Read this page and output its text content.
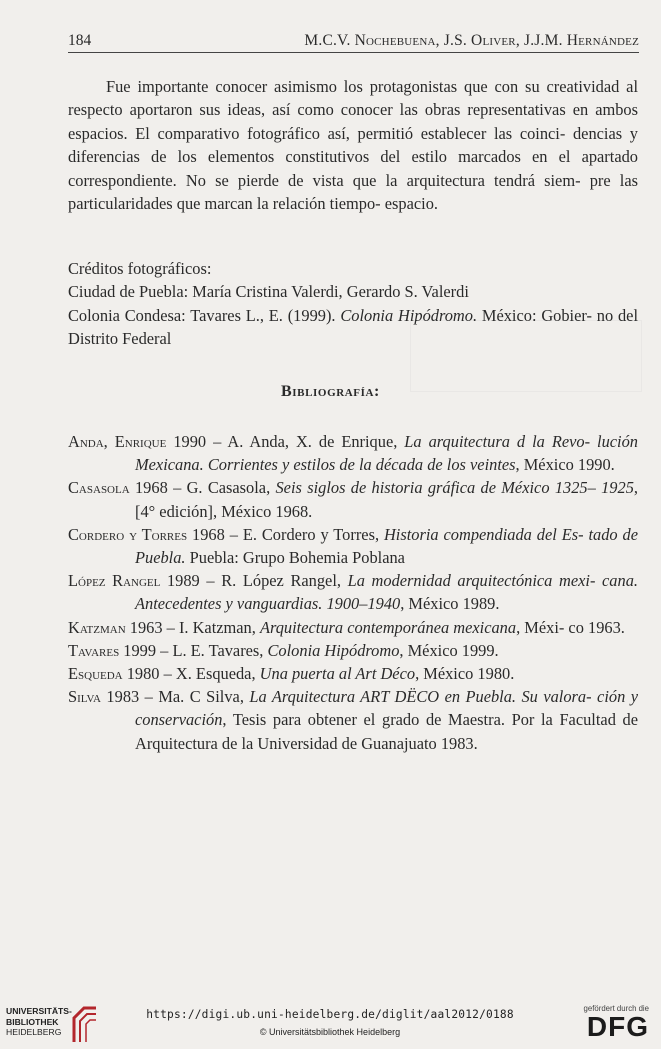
184	M.C.V. Nochebuena, J.S. Oliver, J.J.M. Hernández

Fue importante conocer asimismo los protagonistas que con su creatividad al respecto aportaron sus ideas, así como conocer las obras representativas en ambos espacios. El comparativo fotográfico así, permitió establecer las coinci- dencias y diferencias de los elementos constitutivos del estilo marcados en el apartado correspondiente. No se pierde de vista que la arquitectura tendrá siem- pre las particularidades que marcan la relación tiempo- espacio.

Créditos fotográficos:
Ciudad de Puebla: María Cristina Valerdi, Gerardo S. Valerdi
Colonia Condesa: Tavares L., E. (1999). Colonia Hipódromo. México: Gobier- no del Distrito Federal
Bibliografía:
Anda, Enrique 1990 – A. Anda, X. de Enrique, La arquitectura d la Revo- lución Mexicana. Corrientes y estilos de la década de los veintes, México 1990.
Casasola 1968 – G. Casasola, Seis siglos de historia gráfica de México 1325– 1925, [4° edición], México 1968.
Cordero y Torres 1968 – E. Cordero y Torres, Historia compendiada del Es- tado de Puebla. Puebla: Grupo Bohemia Poblana
López Rangel 1989 – R. López Rangel, La modernidad arquitectónica mexi- cana. Antecedentes y vanguardias. 1900–1940, México 1989.
Katzman 1963 – I. Katzman, Arquitectura contemporánea mexicana, Méxi- co 1963.
Tavares 1999 – L. E. Tavares, Colonia Hipódromo, México 1999.
Esqueda 1980 – X. Esqueda, Una puerta al Art Déco, México 1980.
Silva 1983 – Ma. C Silva, La Arquitectura ART DËCO en Puebla. Su valora- ción y conservación, Tesis para obtener el grado de Maestra. Por la Facultad de Arquitectura de la Universidad de Guanajuato 1983.
UNIVERSITÄTS-
BIBLIOTHEK
HEIDELBERG
https://digi.ub.uni-heidelberg.de/diglit/aal2012/0188
© Universitätsbibliothek Heidelberg
gefördert durch die
DFG
